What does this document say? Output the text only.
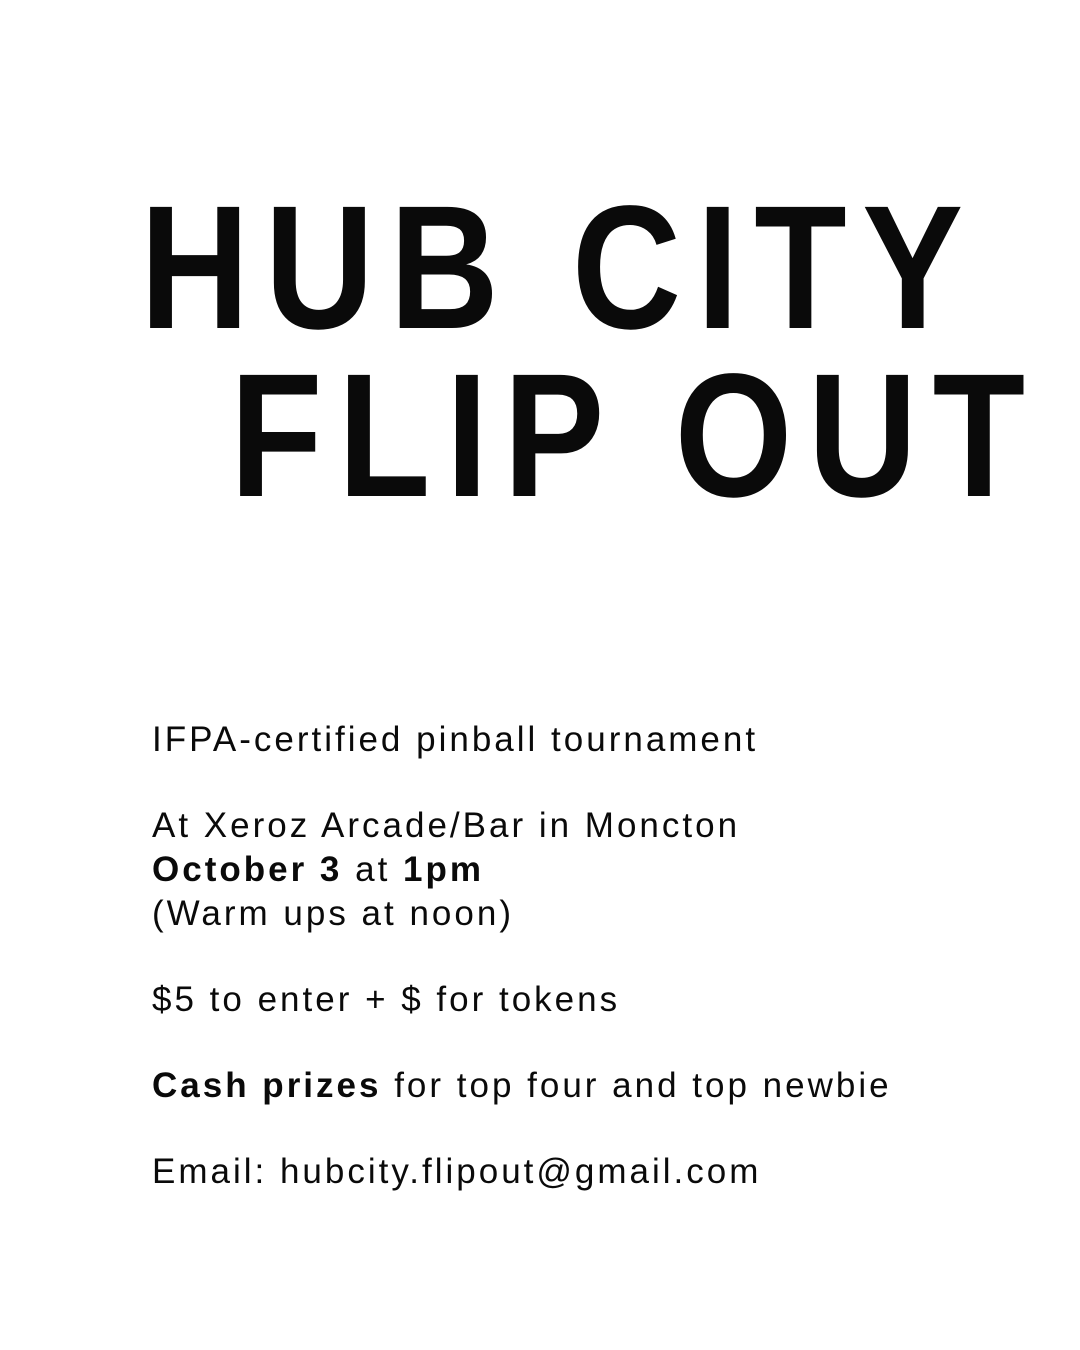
HUB CITY
FLIP OUT

IFPA-certified pinball tournament

At Xeroz Arcade/Bar in Moncton

October 3 at 1pm

(Warm ups at noon)

$5 to enter + $ for tokens

Cash prizes for top four and top newbie

Email: hubcity.flipout@gmail.com
